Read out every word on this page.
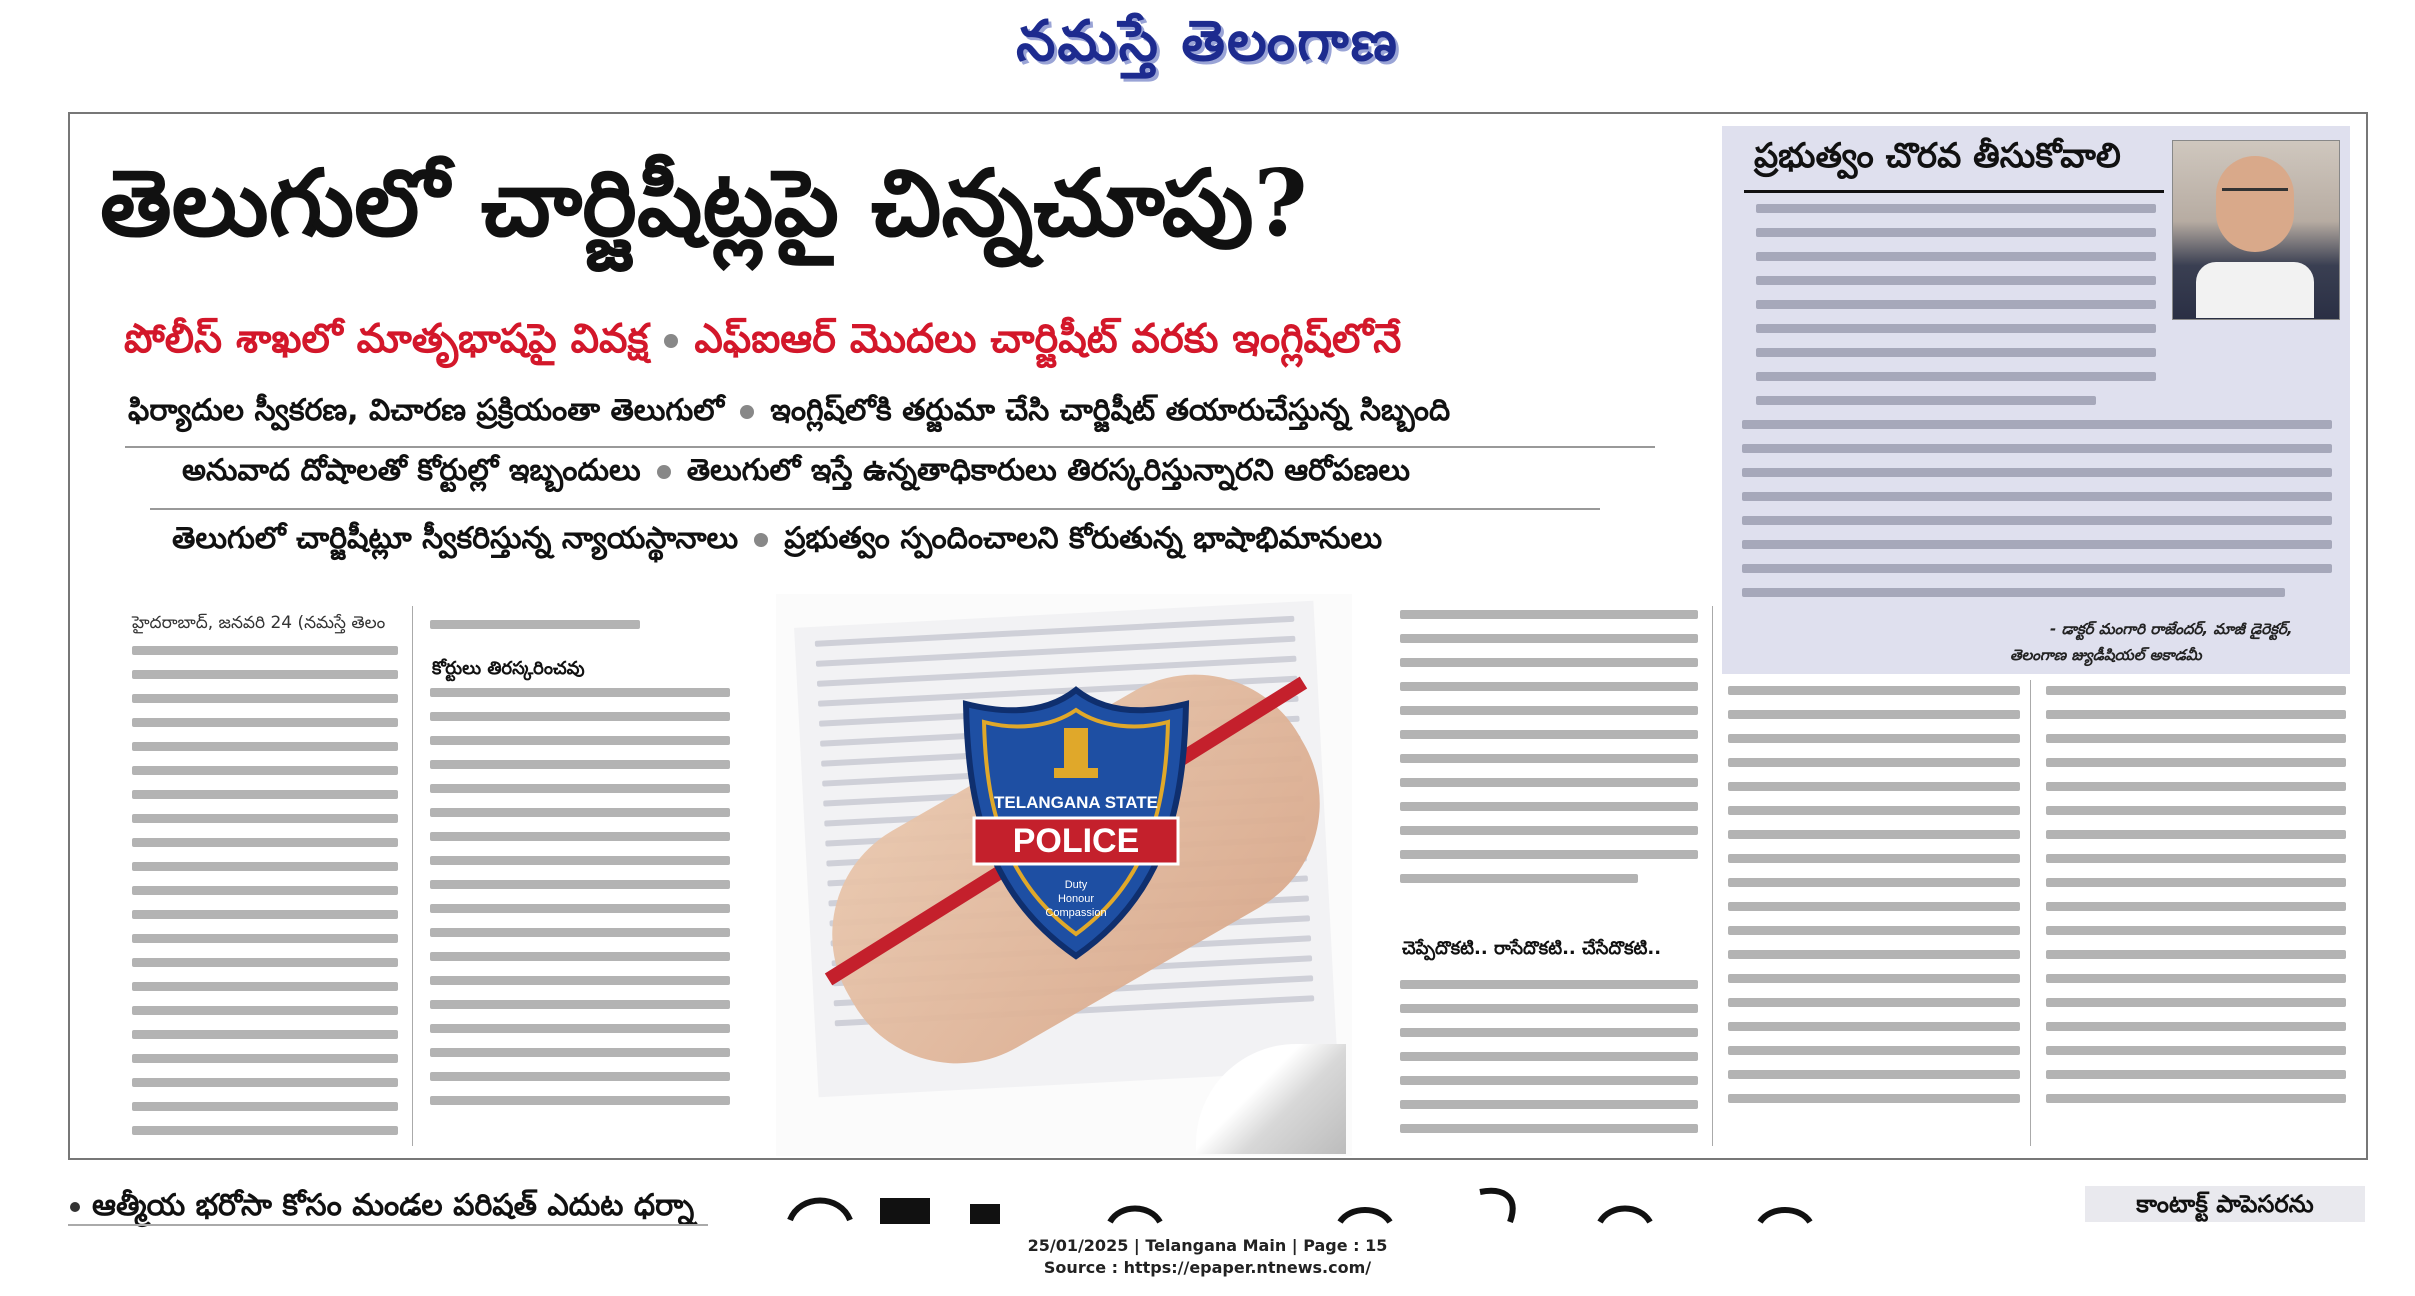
నమస్తే తెలంగాణ
తెలుగులో చార్జిషీట్లపై చిన్నచూపు?
పోలీస్ శాఖలో మాతృభాషపై వివక్ష ఎఫ్ఐఆర్ మొదలు చార్జిషీట్ వరకు ఇంగ్లిష్‌లోనే
ఫిర్యాదుల స్వీకరణ, విచారణ ప్రక్రియంతా తెలుగులో ఇంగ్లిష్‌లోకి తర్జుమా చేసి చార్జిషీట్ తయారుచేస్తున్న సిబ్బంది
అనువాద దోషాలతో కోర్టుల్లో ఇబ్బందులు తెలుగులో ఇస్తే ఉన్నతాధికారులు తిరస్కరిస్తున్నారని ఆరోపణలు
తెలుగులో చార్జిషీట్లూ స్వీకరిస్తున్న న్యాయస్థానాలు ప్రభుత్వం స్పందించాలని కోరుతున్న భాషాభిమానులు
ప్రభుత్వం చొరవ తీసుకోవాలి
- డాక్టర్ మంగారి రాజేందర్, మాజీ డైరెక్టర్,
తెలంగాణ జ్యుడీషియల్ అకాడమీ
హైదరాబాద్, జనవరి 24 (నమస్తే తెలం
కోర్టులు తిరస్కరించవు
TELANGANA STATE
POLICE
Duty
Honour
Compassion
చెప్పేదొకటి.. రాసేదొకటి.. చేసేదొకటి..
ఆత్మీయ భరోసా కోసం మండల పరిషత్ ఎదుట ధర్నా	కాంటాక్ట్ పాపెసరను
25/01/2025 | Telangana Main | Page : 15
Source : https://epaper.ntnews.com/
